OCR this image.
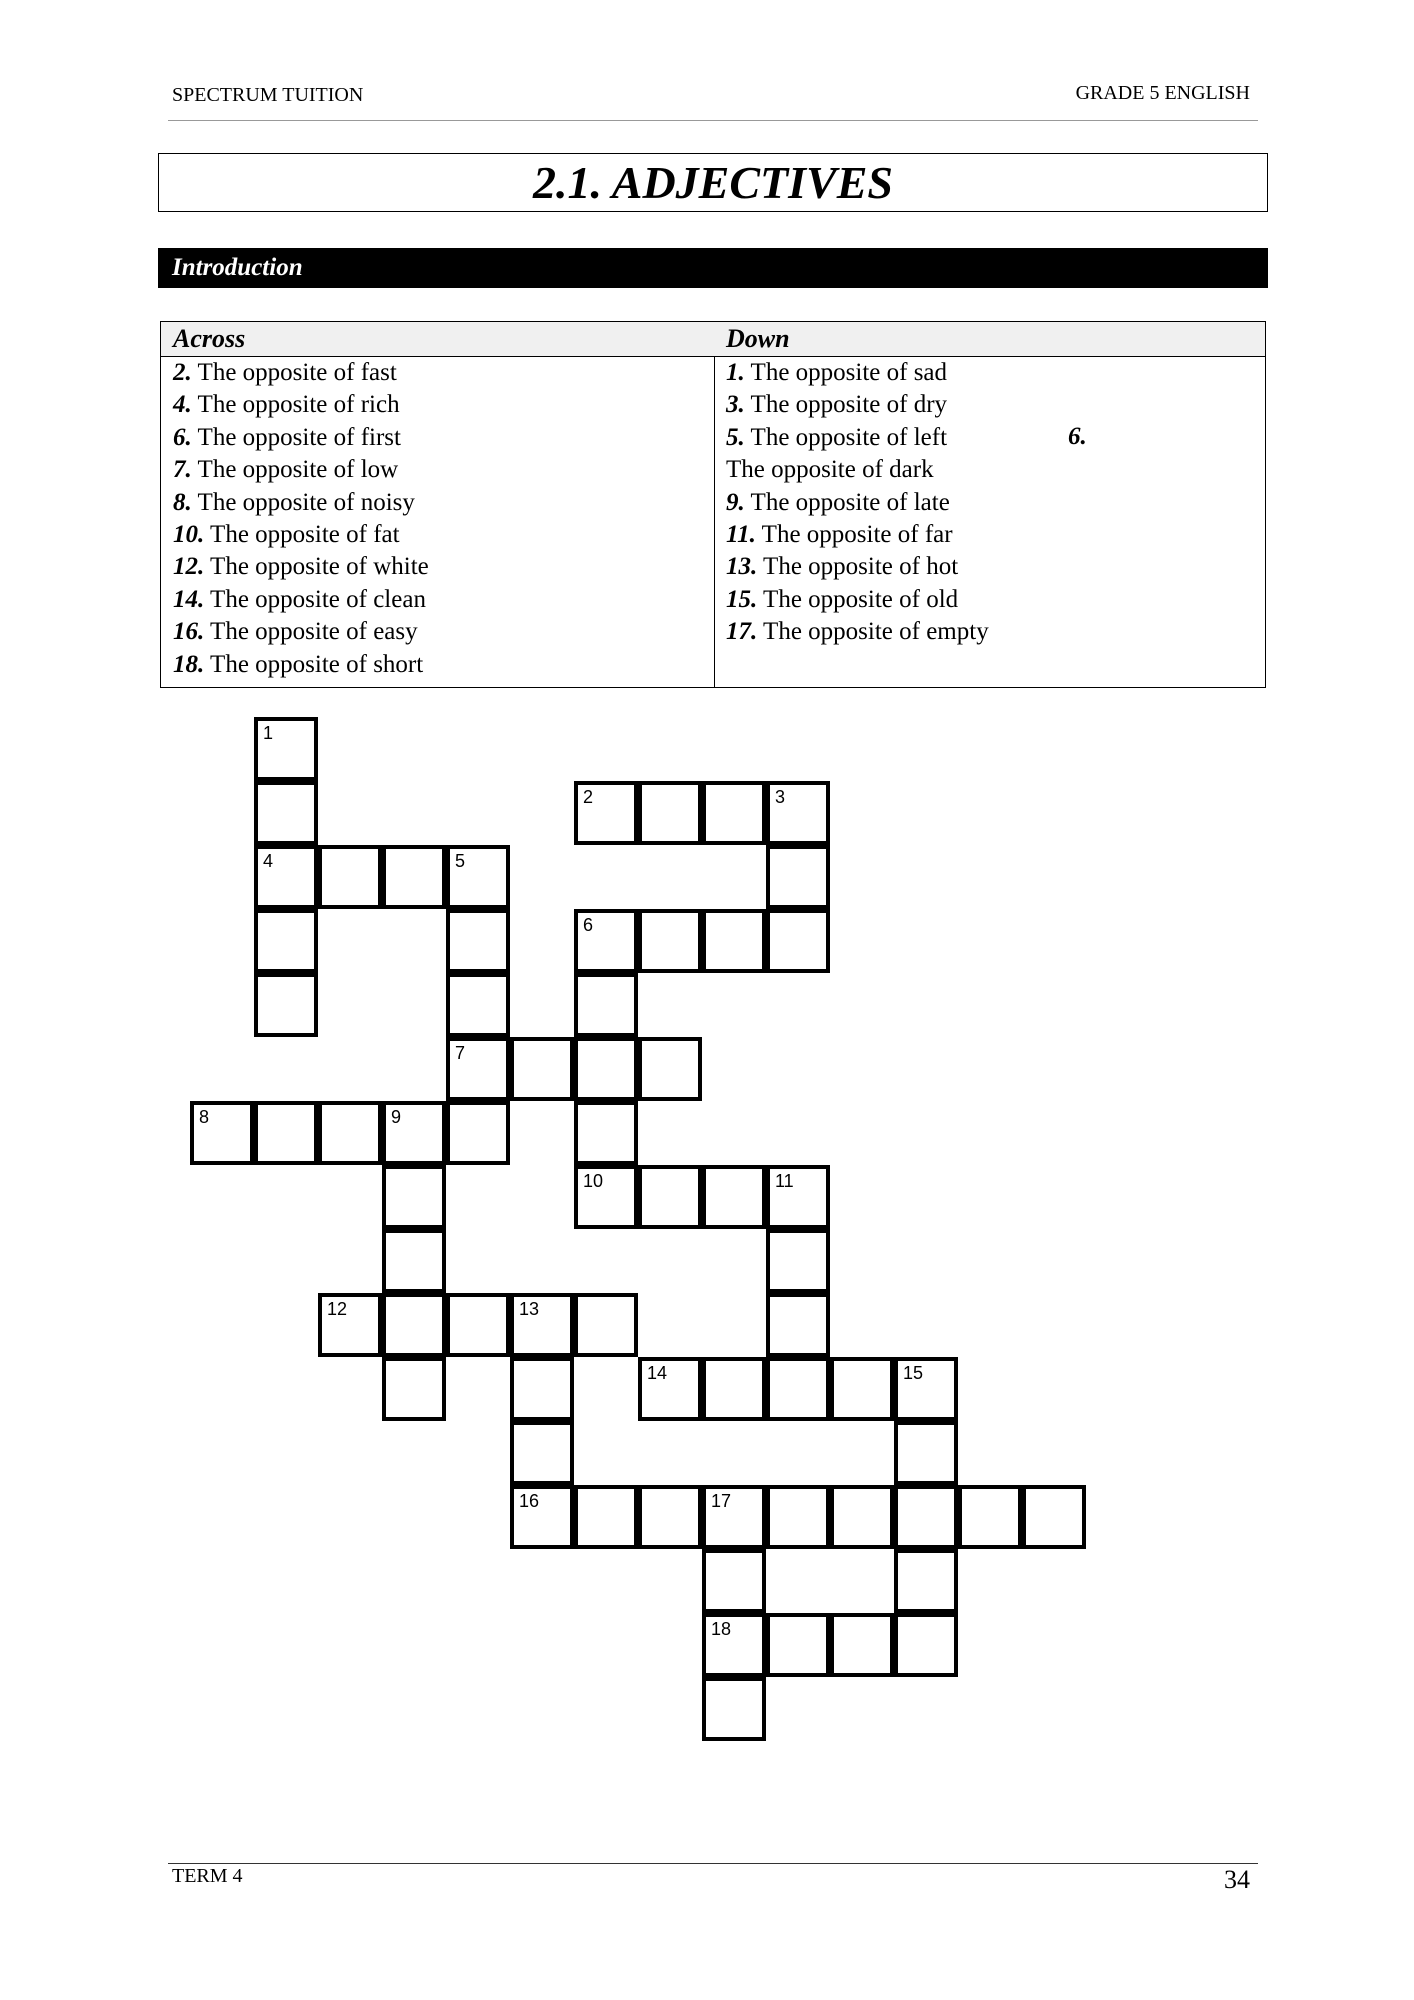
SPECTRUM TUITION	GRADE 5 ENGLISH
2.1. ADJECTIVES
Introduction
Across
2. The opposite of fast
4. The opposite of rich
6. The opposite of first
7. The opposite of low
8. The opposite of noisy
10. The opposite of fat
12. The opposite of white
14. The opposite of clean
16. The opposite of easy
18. The opposite of short
Down
1. The opposite of sad
3. The opposite of dry
5. The opposite of left	6.
The opposite of dark
9. The opposite of late
11. The opposite of far
13. The opposite of hot
15. The opposite of old
17. The opposite of empty
1
2	3
4	5
6
7
8	9
10	11
12	13
14	15
16	17
18
TERM 4	34
